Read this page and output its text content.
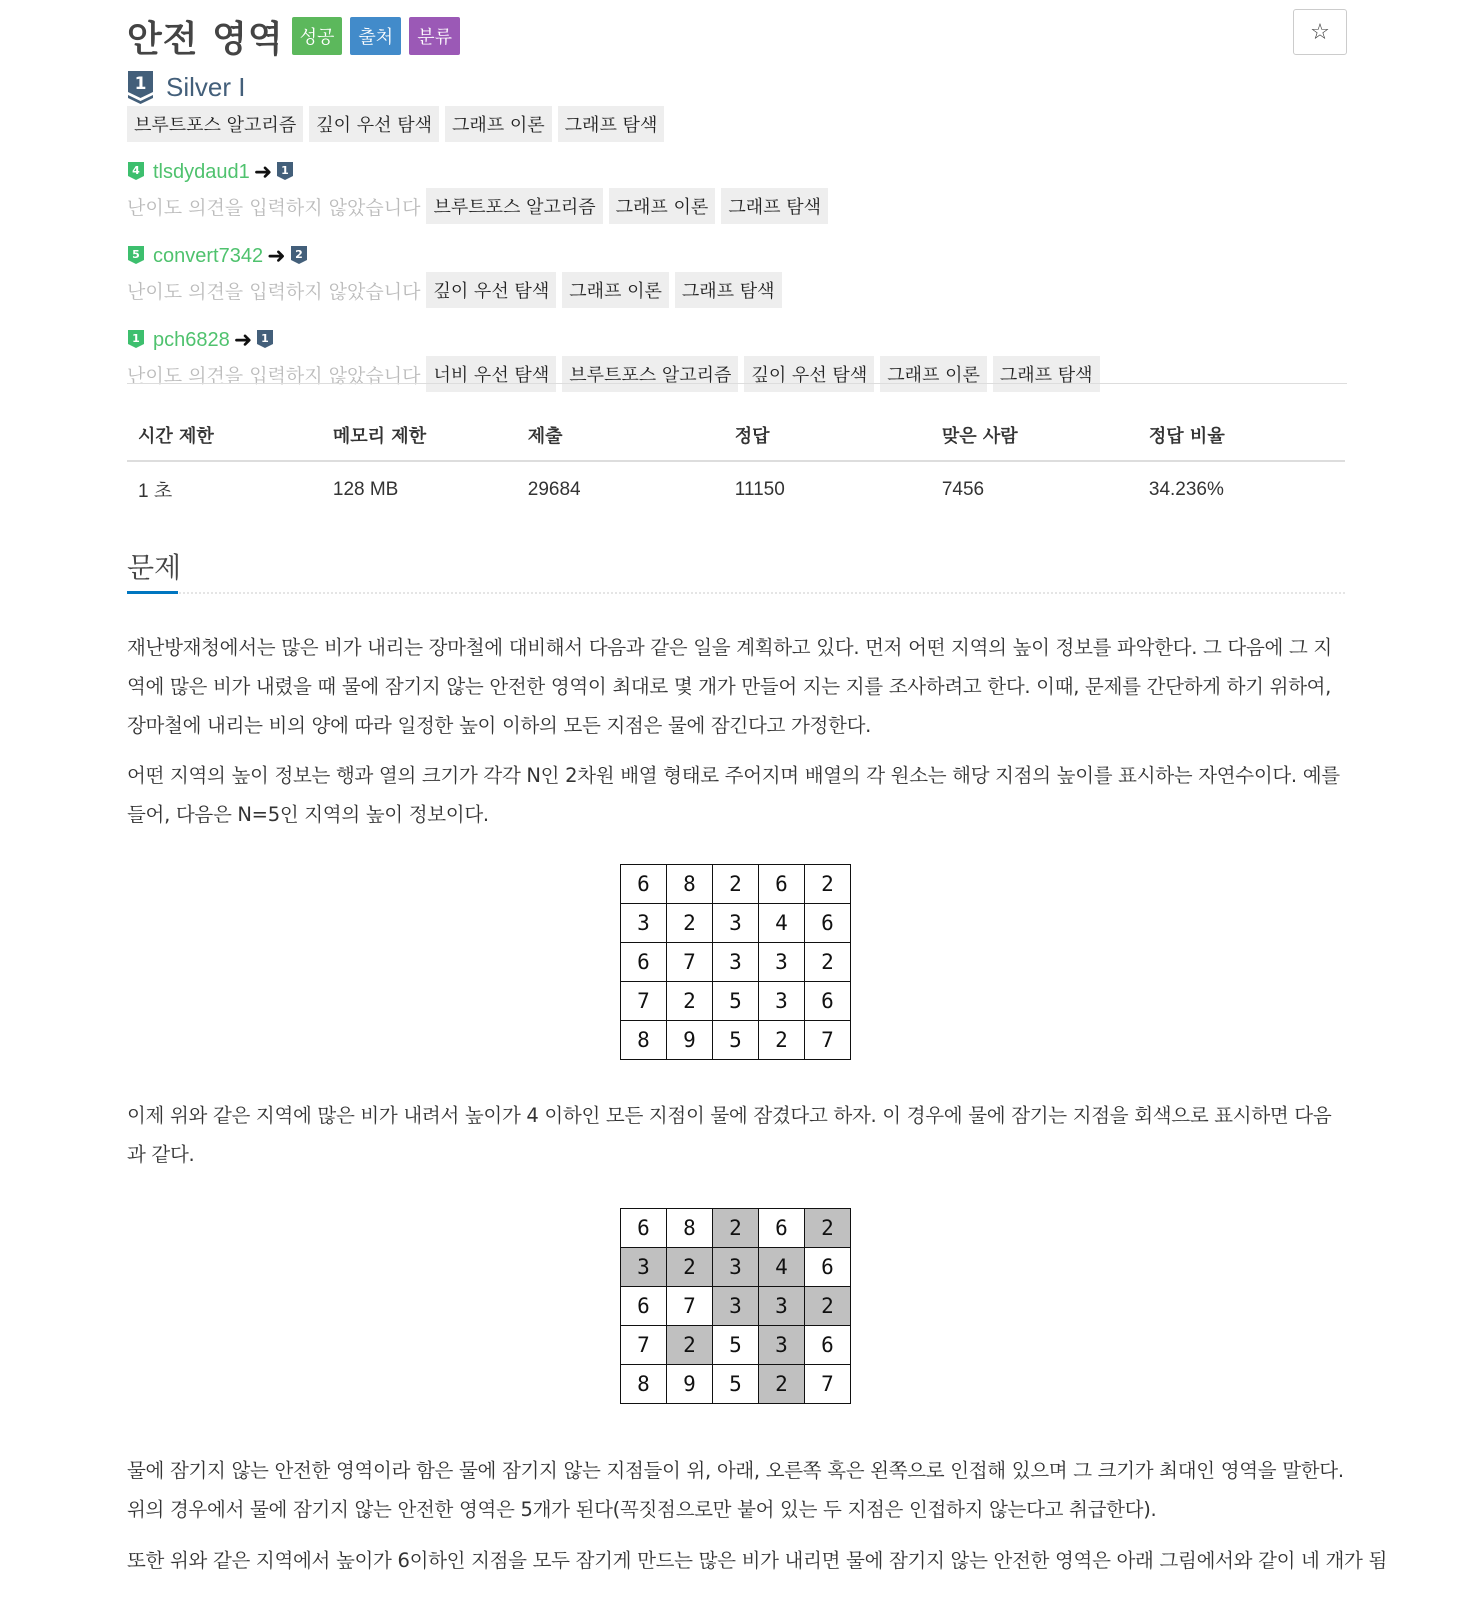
안전 영역 성공	출처	분류	☆
1 Silver I
브루트포스 알고리즘	깊이 우선 탐색	그래프 이론	그래프 탐색
4 tlsdydaud1 ➜ 1
난이도 의견을 입력하지 않았습니다 브루트포스 알고리즘	그래프 이론	그래프 탐색
5 convert7342 ➜ 2
난이도 의견을 입력하지 않았습니다 깊이 우선 탐색	그래프 이론	그래프 탐색
1 pch6828 ➜ 1
난이도 의견을 입력하지 않았습니다 너비 우선 탐색	브루트포스 알고리즘	깊이 우선 탐색	그래프 이론	그래프 탐색
시간 제한	메모리 제한	제출	정답	맞은 사람	정답 비율
1 초	128 MB	29684	11150	7456	34.236%
문제
재난방재청에서는 많은 비가 내리는 장마철에 대비해서 다음과 같은 일을 계획하고 있다. 먼저 어떤 지역의 높이 정보를 파악한다. 그 다음에 그 지역에 많은 비가 내렸을 때 물에 잠기지 않는 안전한 영역이 최대로 몇 개가 만들어 지는 지를 조사하려고 한다. 이때, 문제를 간단하게 하기 위하여, 장마철에 내리는 비의 양에 따라 일정한 높이 이하의 모든 지점은 물에 잠긴다고 가정한다.
어떤 지역의 높이 정보는 행과 열의 크기가 각각 N인 2차원 배열 형태로 주어지며 배열의 각 원소는 해당 지점의 높이를 표시하는 자연수이다. 예를 들어, 다음은 N=5인 지역의 높이 정보이다.
6	8	2	6	2
3	2	3	4	6
6	7	3	3	2
7	2	5	3	6
8	9	5	2	7
이제 위와 같은 지역에 많은 비가 내려서 높이가 4 이하인 모든 지점이 물에 잠겼다고 하자. 이 경우에 물에 잠기는 지점을 회색으로 표시하면 다음과 같다.
6	8	2	6	2
3	2	3	4	6
6	7	3	3	2
7	2	5	3	6
8	9	5	2	7
물에 잠기지 않는 안전한 영역이라 함은 물에 잠기지 않는 지점들이 위, 아래, 오른쪽 혹은 왼쪽으로 인접해 있으며 그 크기가 최대인 영역을 말한다. 위의 경우에서 물에 잠기지 않는 안전한 영역은 5개가 된다(꼭짓점으로만 붙어 있는 두 지점은 인접하지 않는다고 취급한다).
또한 위와 같은 지역에서 높이가 6이하인 지점을 모두 잠기게 만드는 많은 비가 내리면 물에 잠기지 않는 안전한 영역은 아래 그림에서와 같이 네 개가 됨
